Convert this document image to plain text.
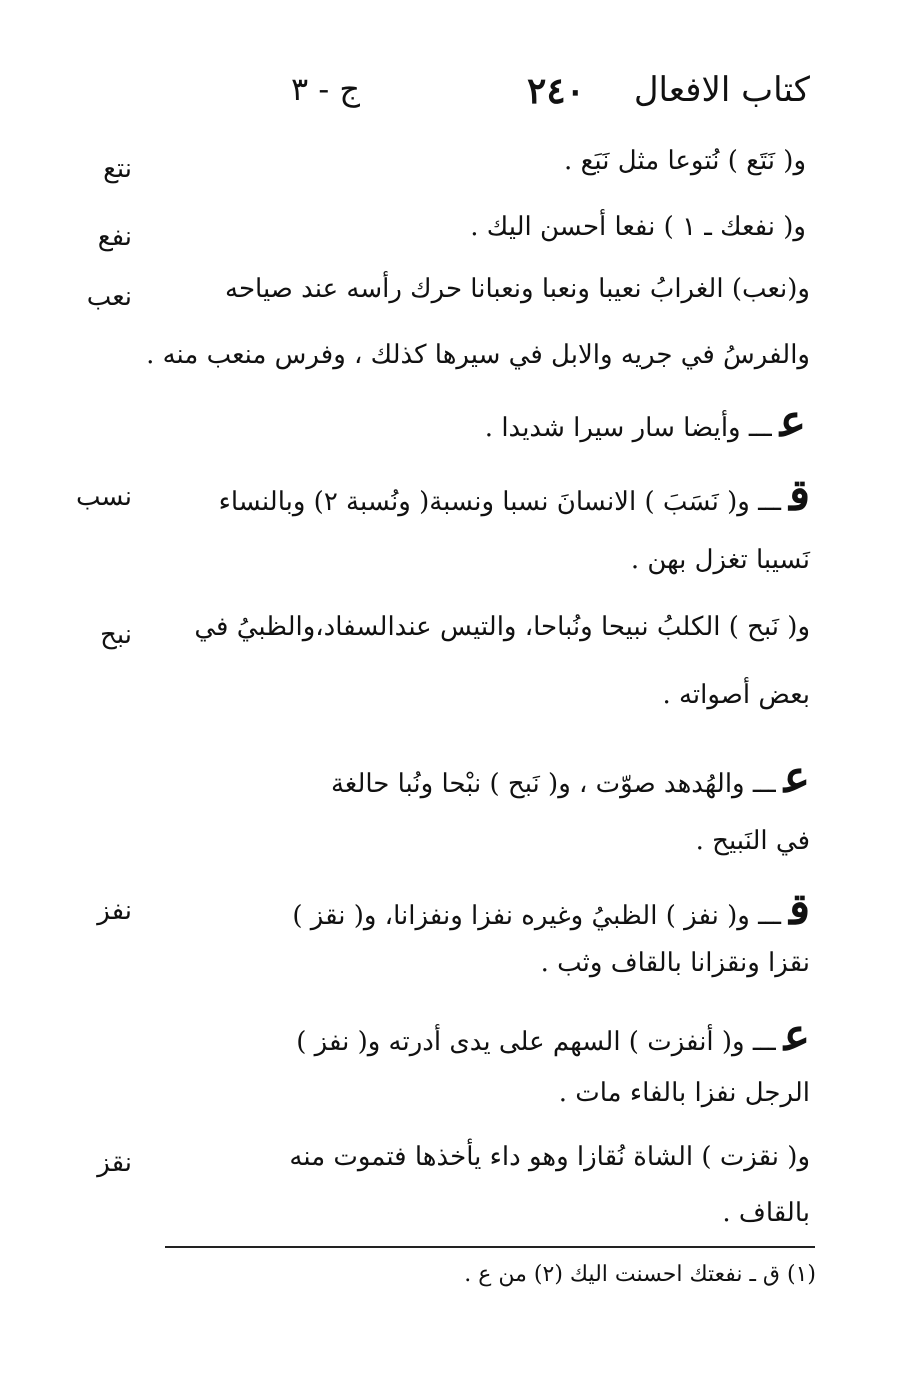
كتاب الافعال
٢٤٠
ج - ٣
نتع
نفع
نعب
نسب
نبح
نفز
نقز
و( نَتَع ) نُتوعا مثل نَبَع .
و( نفعك ـ ١ ) نفعا أحسن اليك .
و(نعب) الغرابُ نعيبا ونعبا ونعبانا حرك رأسه عند صياحه
والفرسُ في جريه والابل في سيرها كذلك ، وفرس منعب منه .
عـــ وأيضا سار سيرا شديدا .
قـــ و( نَسَبَ ) الانسانَ نسبا ونسبة( ونُسبة ٢) وبالنساء
نَسيبا تغزل بهن .
و( نَبح ) الكلبُ نبيحا ونُباحا، والتيس عندالسفاد،والظبيُ في
بعض أصواته .
عـــ والهُدهد صوّت ، و( نَبح ) نبْحا ونُبا حالغة
في النَبيح .
قـــ و( نفز ) الظبيُ وغيره نفزا ونفزانا، و( نقز )
نقزا ونقزانا بالقاف وثب .
عـــ و( أنفزت ) السهم على يدى أدرته و( نفز )
الرجل نفزا بالفاء مات .
و( نقزت ) الشاة نُقازا وهو داء يأخذها فتموت منه
بالقاف .
(١) ق ـ نفعتك احسنت اليك (٢) من ع .
